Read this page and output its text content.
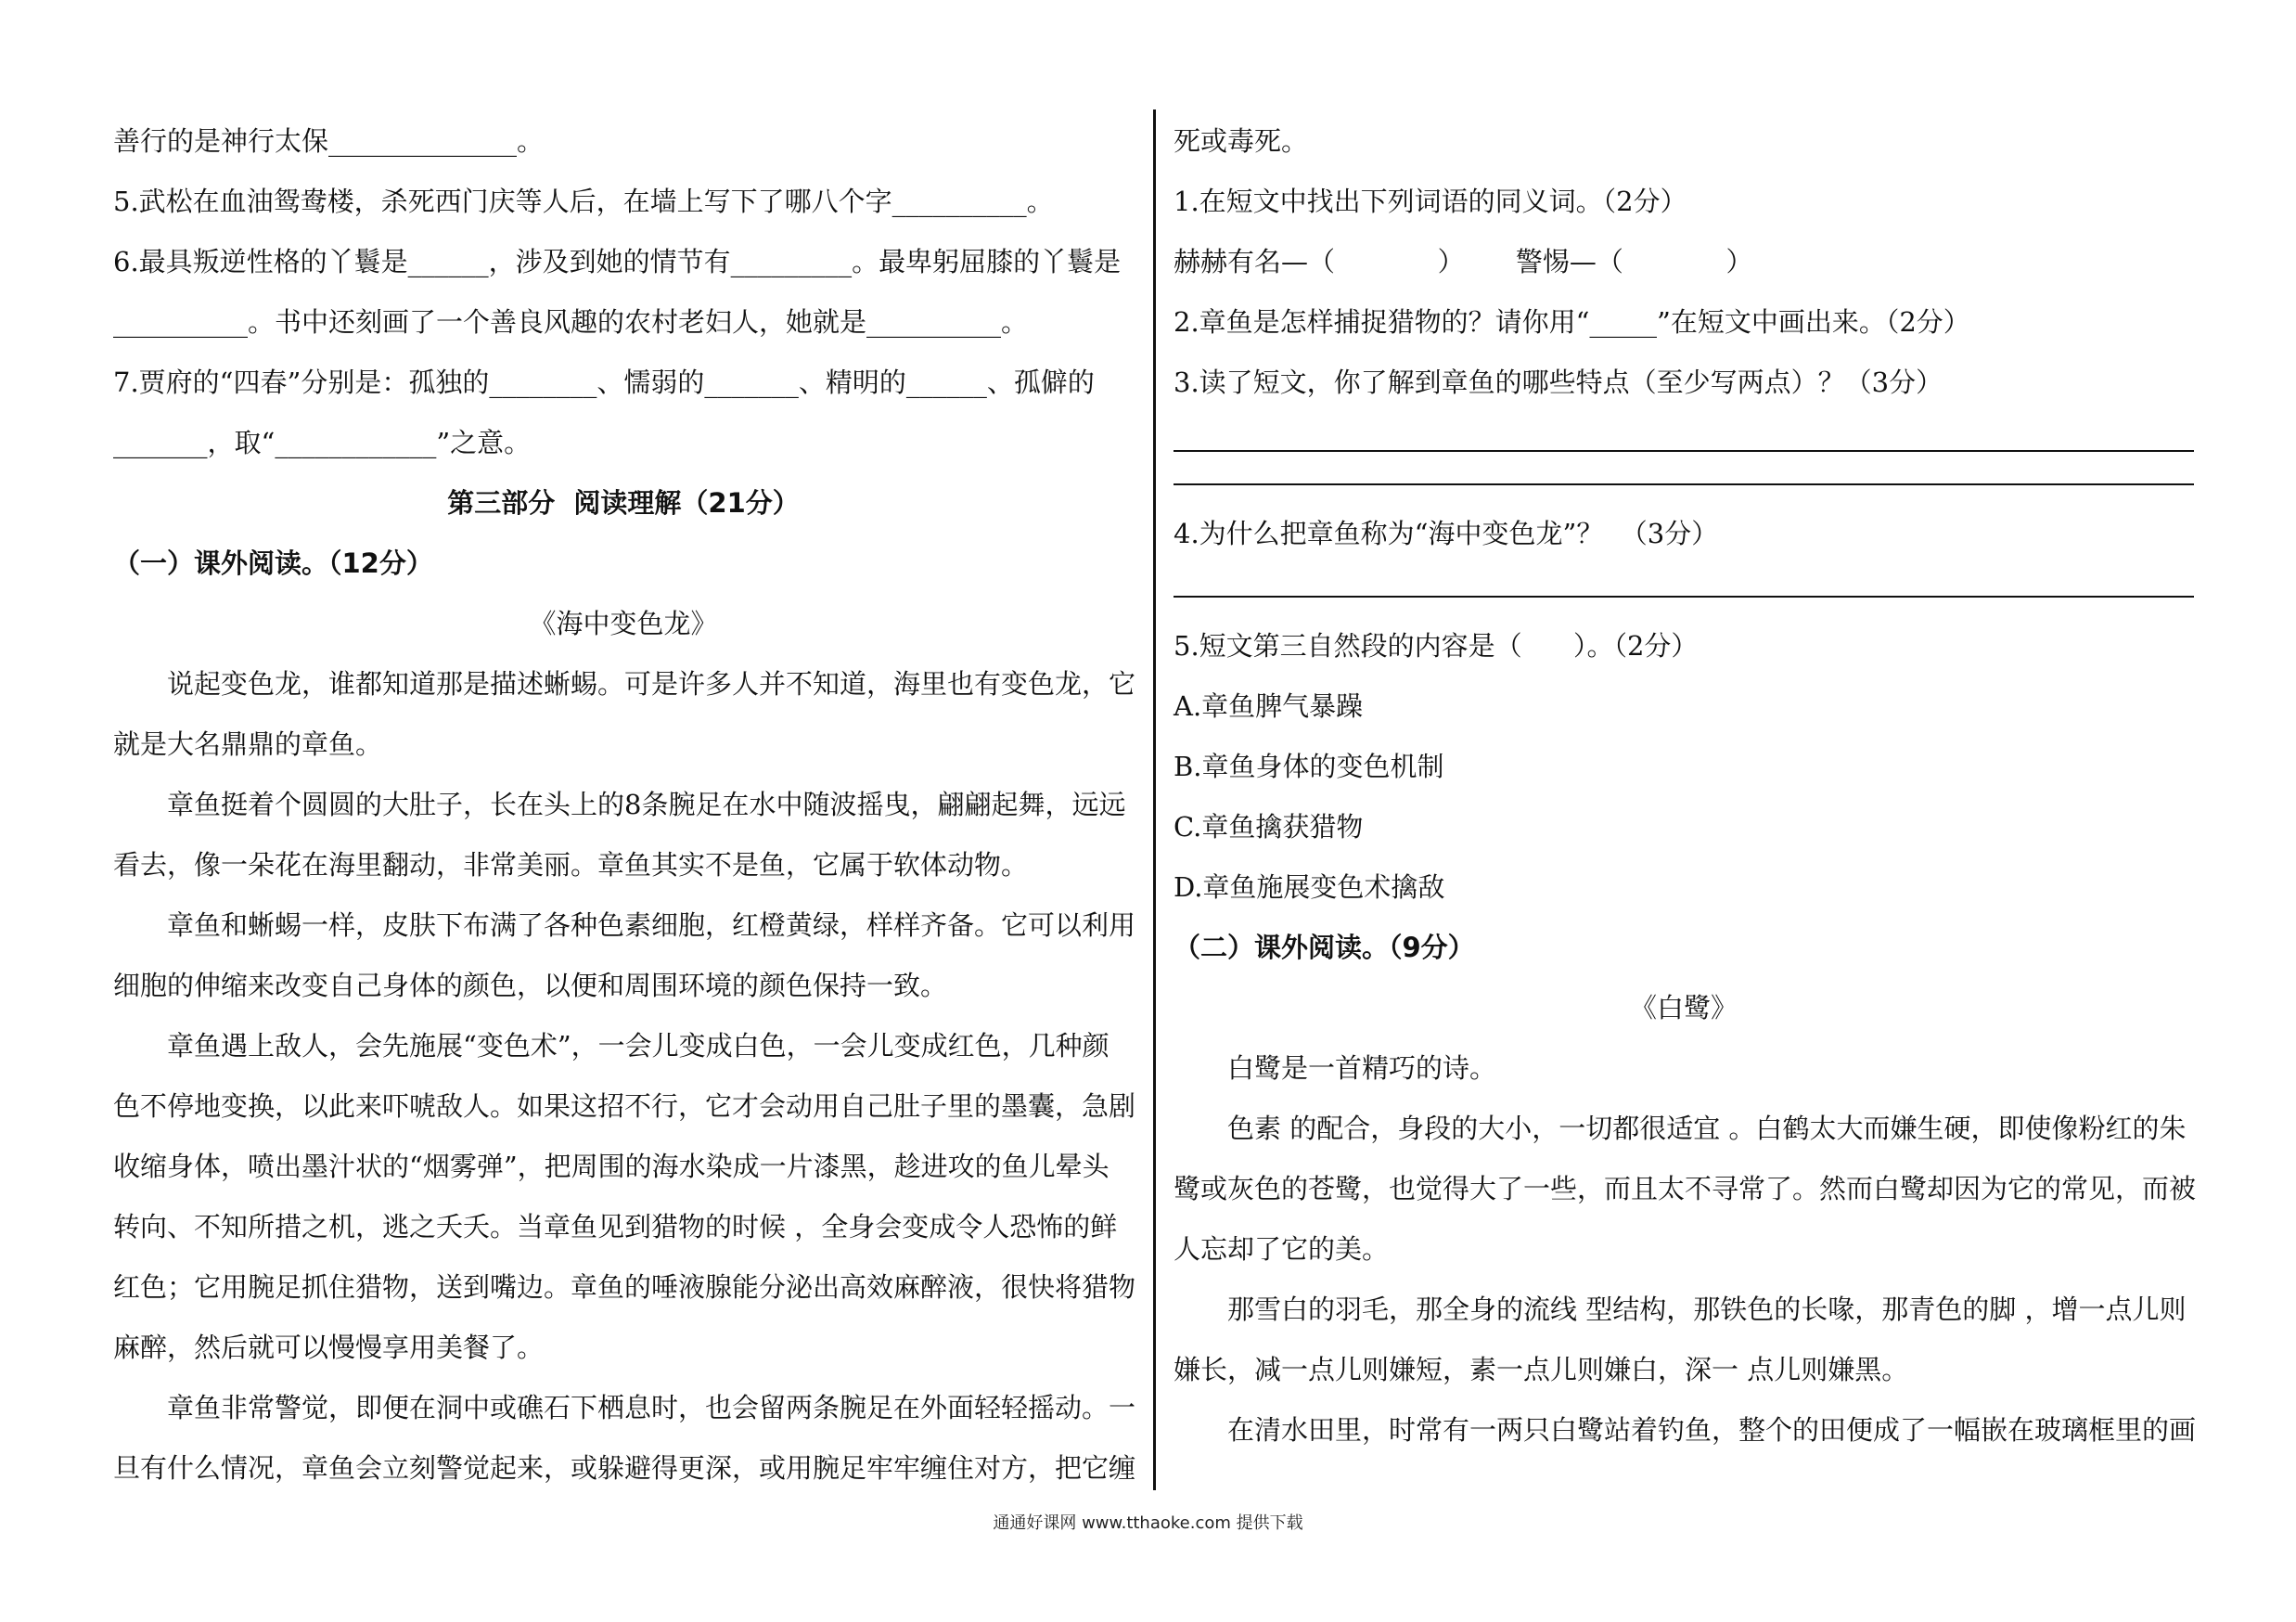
善行的是神行太保______________。

5.武松在血油鸳鸯楼，杀死西门庆等人后，在墙上写下了哪八个字__________。

6.最具叛逆性格的丫鬟是______，涉及到她的情节有_________。最卑躬屈膝的丫鬟是

__________。书中还刻画了一个善良风趣的农村老妇人，她就是__________。

7.贾府的“四春”分别是：孤独的________、懦弱的_______、精明的______、孤僻的

_______，取“____________”之意。

第三部分  阅读理解（21分）

（一）课外阅读。（12分）

《海中变色龙》

说起变色龙，谁都知道那是描述蜥蜴。可是许多人并不知道，海里也有变色龙，它

就是大名鼎鼎的章鱼。

章鱼挺着个圆圆的大肚子，长在头上的8条腕足在水中随波摇曳，翩翩起舞，远远

看去，像一朵花在海里翻动，非常美丽。章鱼其实不是鱼，它属于软体动物。

章鱼和蜥蜴一样，皮肤下布满了各种色素细胞，红橙黄绿，样样齐备。它可以利用

细胞的伸缩来改变自己身体的颜色，以便和周围环境的颜色保持一致。

章鱼遇上敌人，会先施展“变色术”，一会儿变成白色，一会儿变成红色，几种颜

色不停地变换，以此来吓唬敌人。如果这招不行，它才会动用自己肚子里的墨囊，急剧

收缩身体，喷出墨汁状的“烟雾弹”，把周围的海水染成一片漆黑，趁进攻的鱼儿晕头

转向、不知所措之机，逃之夭夭。当章鱼见到猎物的时候 ，全身会变成令人恐怖的鲜

红色；它用腕足抓住猎物，送到嘴边。章鱼的唾液腺能分泌出高效麻醉液，很快将猎物

麻醉，然后就可以慢慢享用美餐了。

章鱼非常警觉，即便在洞中或礁石下栖息时，也会留两条腕足在外面轻轻摇动。一

旦有什么情况，章鱼会立刻警觉起来，或躲避得更深，或用腕足牢牢缠住对方，把它缠

死或毒死。

1.在短文中找出下列词语的同义词。（2分）

赫赫有名—（            ）      警惕—（            ）

2.章鱼是怎样捕捉猎物的？请你用“_____”在短文中画出来。（2分）

3.读了短文，你了解到章鱼的哪些特点（至少写两点）？（3分）

4.为什么把章鱼称为“海中变色龙”？  （3分）

5.短文第三自然段的内容是（      ）。（2分）

A.章鱼脾气暴躁

B.章鱼身体的变色机制

C.章鱼擒获猎物

D.章鱼施展变色术擒敌

（二）课外阅读。（9分）

《白鹭》

白鹭是一首精巧的诗。

色素 的配合，身段的大小，一切都很适宜 。白鹤太大而嫌生硬，即使像粉红的朱

鹭或灰色的苍鹭，也觉得大了一些，而且太不寻常了。然而白鹭却因为它的常见，而被

人忘却了它的美。

那雪白的羽毛，那全身的流线 型结构，那铁色的长喙，那青色的脚 ，增一点儿则

嫌长，减一点儿则嫌短，素一点儿则嫌白，深一 点儿则嫌黑。

在清水田里，时常有一两只白鹭站着钓鱼，整个的田便成了一幅嵌在玻璃框里的画

通通好课网 www.tthaoke.com 提供下载
